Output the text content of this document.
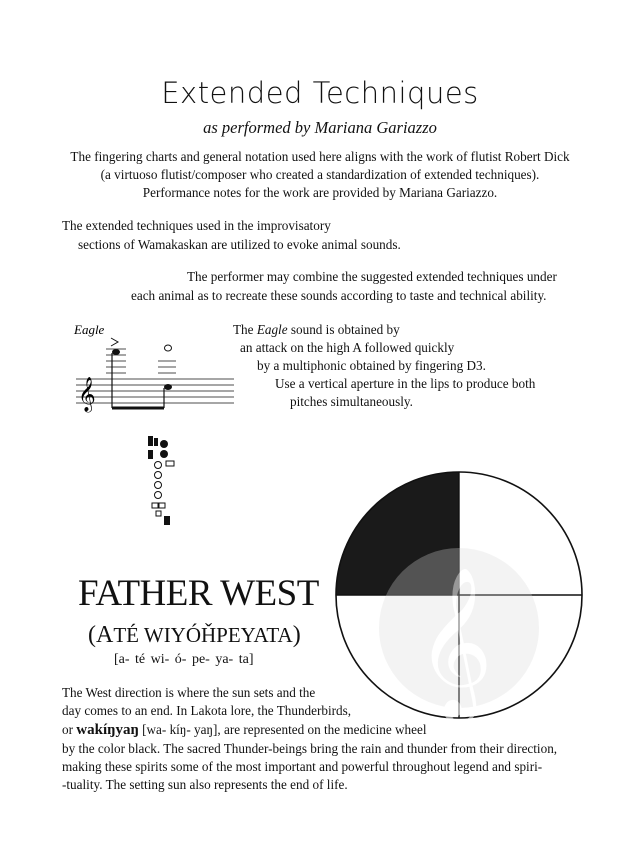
Extended Techniques
as performed by Mariana Gariazzo
The fingering charts and general notation used here aligns with the work of flutist Robert Dick
(a virtuoso flutist/composer who created a standardization of extended techniques).
Performance notes for the work are provided by Mariana Gariazzo.
The extended techniques used in the improvisatory
sections of Wamakaskan are utilized to evoke animal sounds.
The performer may combine the suggested extended techniques under
each animal as to recreate these sounds according to taste and technical ability.
Eagle
𝄞
The Eagle sound is obtained by
an attack on the high A followed quickly
by a multiphonic obtained by fingering D3.
Use a vertical aperture in the lips to produce both
pitches simultaneously.
𝄞
FATHER WEST
(ATÉ WIYÓȞPEYATA)
[a- té wi- ó- pe- ya- ta]
The West direction is where the sun sets and the
day comes to an end. In Lakota lore, the Thunderbirds,
or wakíŋyaŋ [wa- kíŋ- yaŋ], are represented on the medicine wheel
by the color black. The sacred Thunder-beings bring the rain and thunder from their direction,
making these spirits some of the most important and powerful throughout legend and spiri-
-tuality. The setting sun also represents the end of life.
